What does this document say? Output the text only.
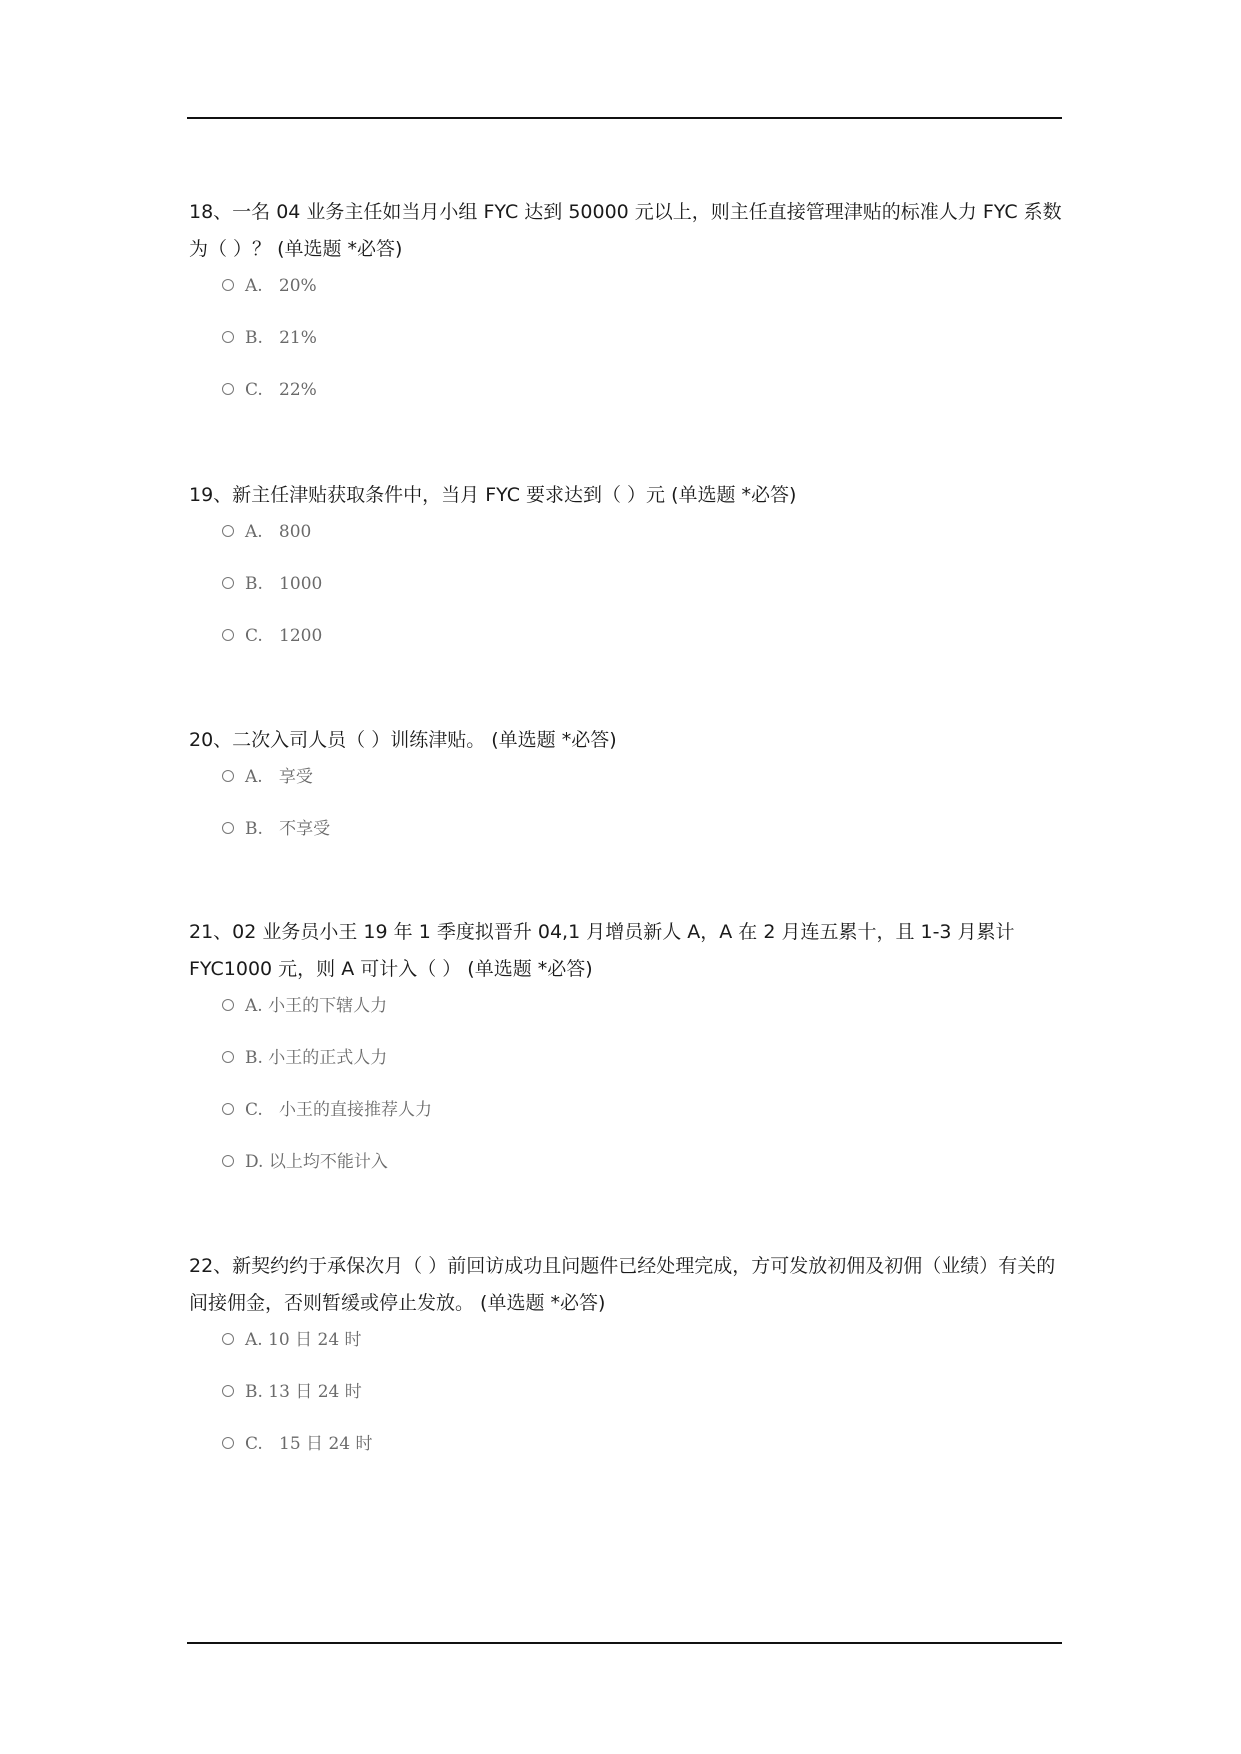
18、一名 04 业务主任如当月小组 FYC 达到 50000 元以上，则主任直接管理津贴的标准人力 FYC 系数为（ ）？ (单选题 *必答)

A.   20%
B.   21%
C.   22%

19、新主任津贴获取条件中，当月 FYC 要求达到（ ）元 (单选题 *必答)

A.   800
B.   1000
C.   1200

20、二次入司人员（ ）训练津贴。 (单选题 *必答)

A.   享受
B.   不享受

21、02 业务员小王 19 年 1 季度拟晋升 04,1 月增员新人 A，A 在 2 月连五累十，且 1-3 月累计 FYC1000 元，则 A 可计入（ ） (单选题 *必答)

A. 小王的下辖人力
B. 小王的正式人力
C.   小王的直接推荐人力
D. 以上均不能计入

22、新契约约于承保次月（ ）前回访成功且问题件已经处理完成，方可发放初佣及初佣（业绩）有关的间接佣金，否则暂缓或停止发放。 (单选题 *必答)

A. 10 日 24 时
B. 13 日 24 时
C.   15 日 24 时
